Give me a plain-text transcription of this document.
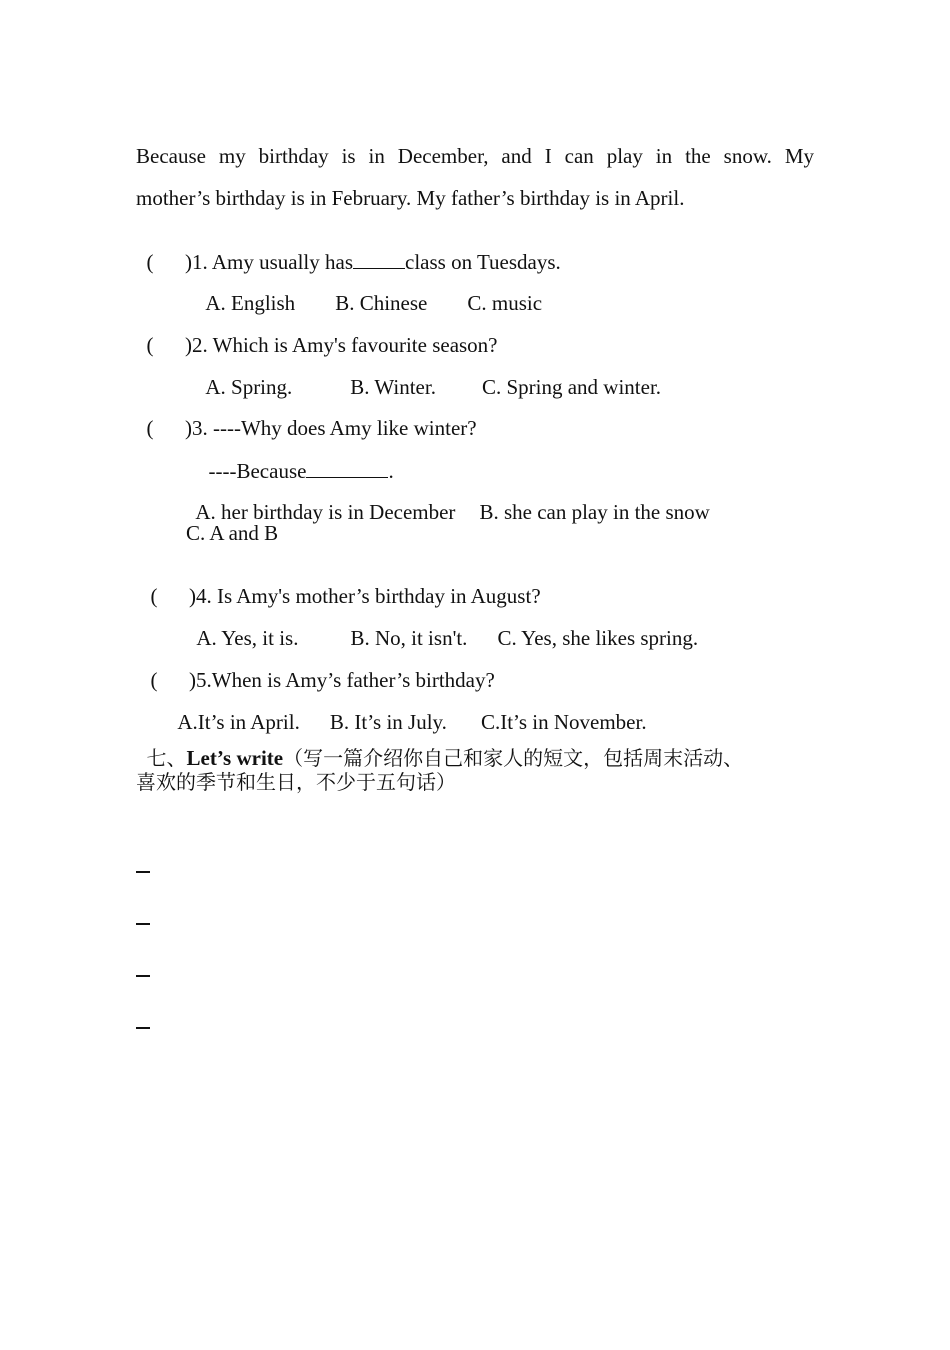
Because my birthday is in December, and I can play in the snow. My
mother’s birthday is in February. My father’s birthday is in April.

(      )1. Amy usually has class on Tuesdays.

A. English B. Chinese C. music

(      )2. Which is Amy's favourite season?

A. Spring.	B. Winter. C. Spring and winter.

(      )3. ----Why does Amy like winter?

----Because	.

A. her birthday is in December B. she can play in the snow

C. A and B

(      )4. Is Amy's mother’s birthday in August?

A. Yes, it is. B. No, it isn't. C. Yes, she likes spring.

(      )5.When is Amy’s father’s birthday?

A.It’s in April. B. It’s in July. C.It’s in November.

七、Let’s write（写一篇介绍你自己和家人的短文，包括周末活动、

喜欢的季节和生日，不少于五句话）
